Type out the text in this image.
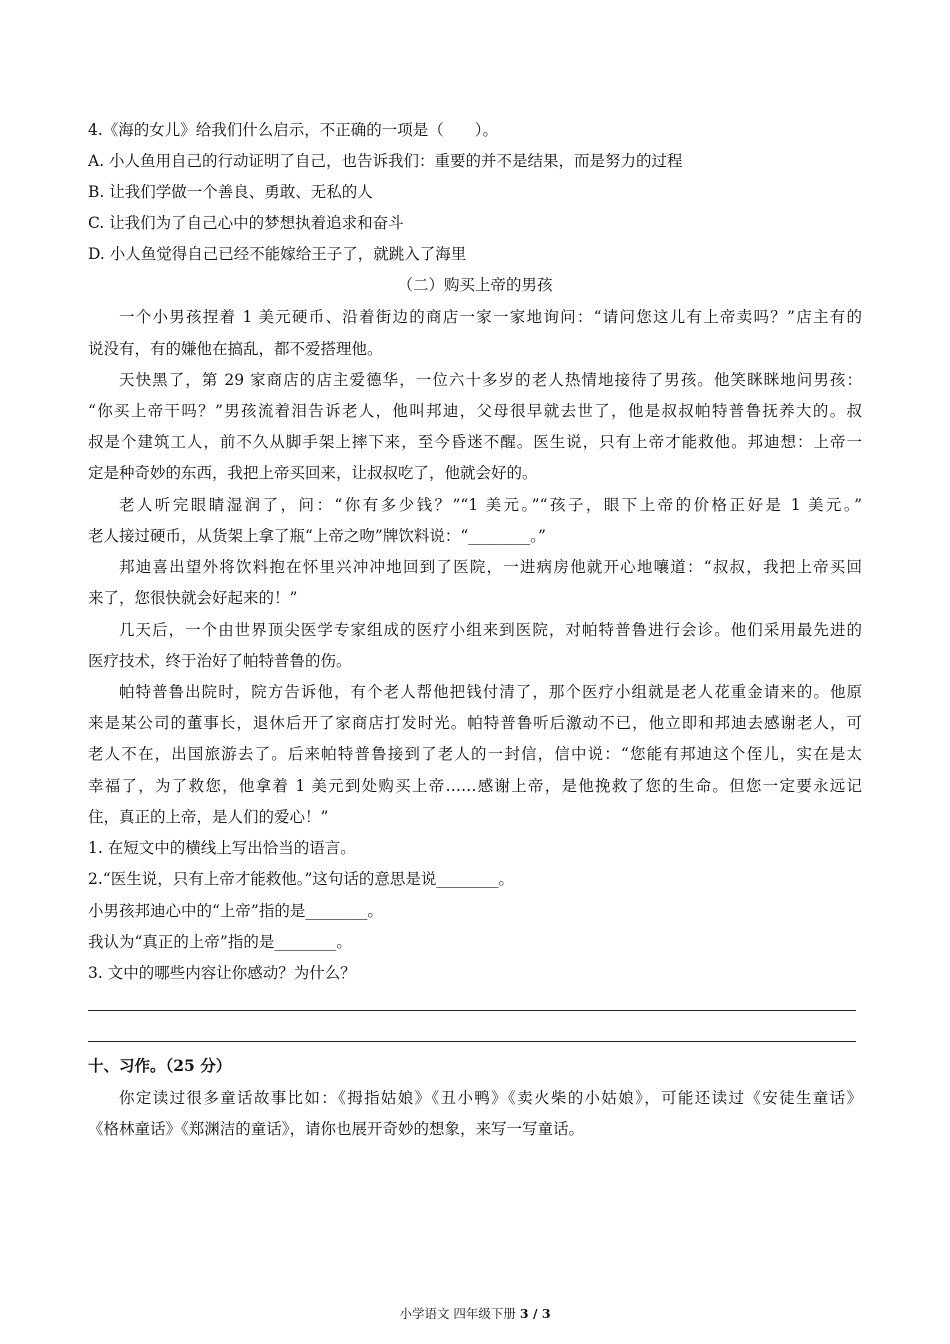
4.《海的女儿》给我们什么启示，不正确的一项是（　　）。
A. 小人鱼用自己的行动证明了自己，也告诉我们：重要的并不是结果，而是努力的过程
B. 让我们学做一个善良、勇敢、无私的人
C. 让我们为了自己心中的梦想执着追求和奋斗
D. 小人鱼觉得自己已经不能嫁给王子了，就跳入了海里
（二）购买上帝的男孩
一个小男孩捏着 1 美元硬币、沿着街边的商店一家一家地询问：“请问您这儿有上帝卖吗？”店主有的
说没有，有的嫌他在搞乱，都不爱搭理他。
天快黑了，第 29 家商店的店主爱德华，一位六十多岁的老人热情地接待了男孩。他笑眯眯地问男孩：
“你买上帝干吗？”男孩流着泪告诉老人，他叫邦迪，父母很早就去世了，他是叔叔帕特普鲁抚养大的。叔
叔是个建筑工人，前不久从脚手架上摔下来，至今昏迷不醒。医生说，只有上帝才能救他。邦迪想：上帝一
定是种奇妙的东西，我把上帝买回来，让叔叔吃了，他就会好的。
老人听完眼睛湿润了，问：“你有多少钱？”“1 美元。”“孩子，眼下上帝的价格正好是 1 美元。”
老人接过硬币，从货架上拿了瓶“上帝之吻”牌饮料说：“________。”
邦迪喜出望外将饮料抱在怀里兴冲冲地回到了医院，一进病房他就开心地嚷道：“叔叔，我把上帝买回
来了，您很快就会好起来的！”
几天后，一个由世界顶尖医学专家组成的医疗小组来到医院，对帕特普鲁进行会诊。他们采用最先进的
医疗技术，终于治好了帕特普鲁的伤。
帕特普鲁出院时，院方告诉他，有个老人帮他把钱付清了，那个医疗小组就是老人花重金请来的。他原
来是某公司的董事长，退休后开了家商店打发时光。帕特普鲁听后激动不已，他立即和邦迪去感谢老人，可
老人不在，出国旅游去了。后来帕特普鲁接到了老人的一封信，信中说：“您能有邦迪这个侄儿，实在是太
幸福了，为了救您，他拿着 1 美元到处购买上帝……感谢上帝，是他挽救了您的生命。但您一定要永远记
住，真正的上帝，是人们的爱心！”
1. 在短文中的横线上写出恰当的语言。
2.“医生说，只有上帝才能救他。”这句话的意思是说________。
小男孩邦迪心中的“上帝”指的是________。
我认为“真正的上帝”指的是________。
3. 文中的哪些内容让你感动？为什么？
十、习作。（25 分）
你定读过很多童话故事比如：《拇指姑娘》《丑小鸭》《卖火柴的小姑娘》，可能还读过《安徒生童话》
《格林童话》《郑渊洁的童话》，请你也展开奇妙的想象，来写一写童话。
小学语文 四年级下册 3 / 3
